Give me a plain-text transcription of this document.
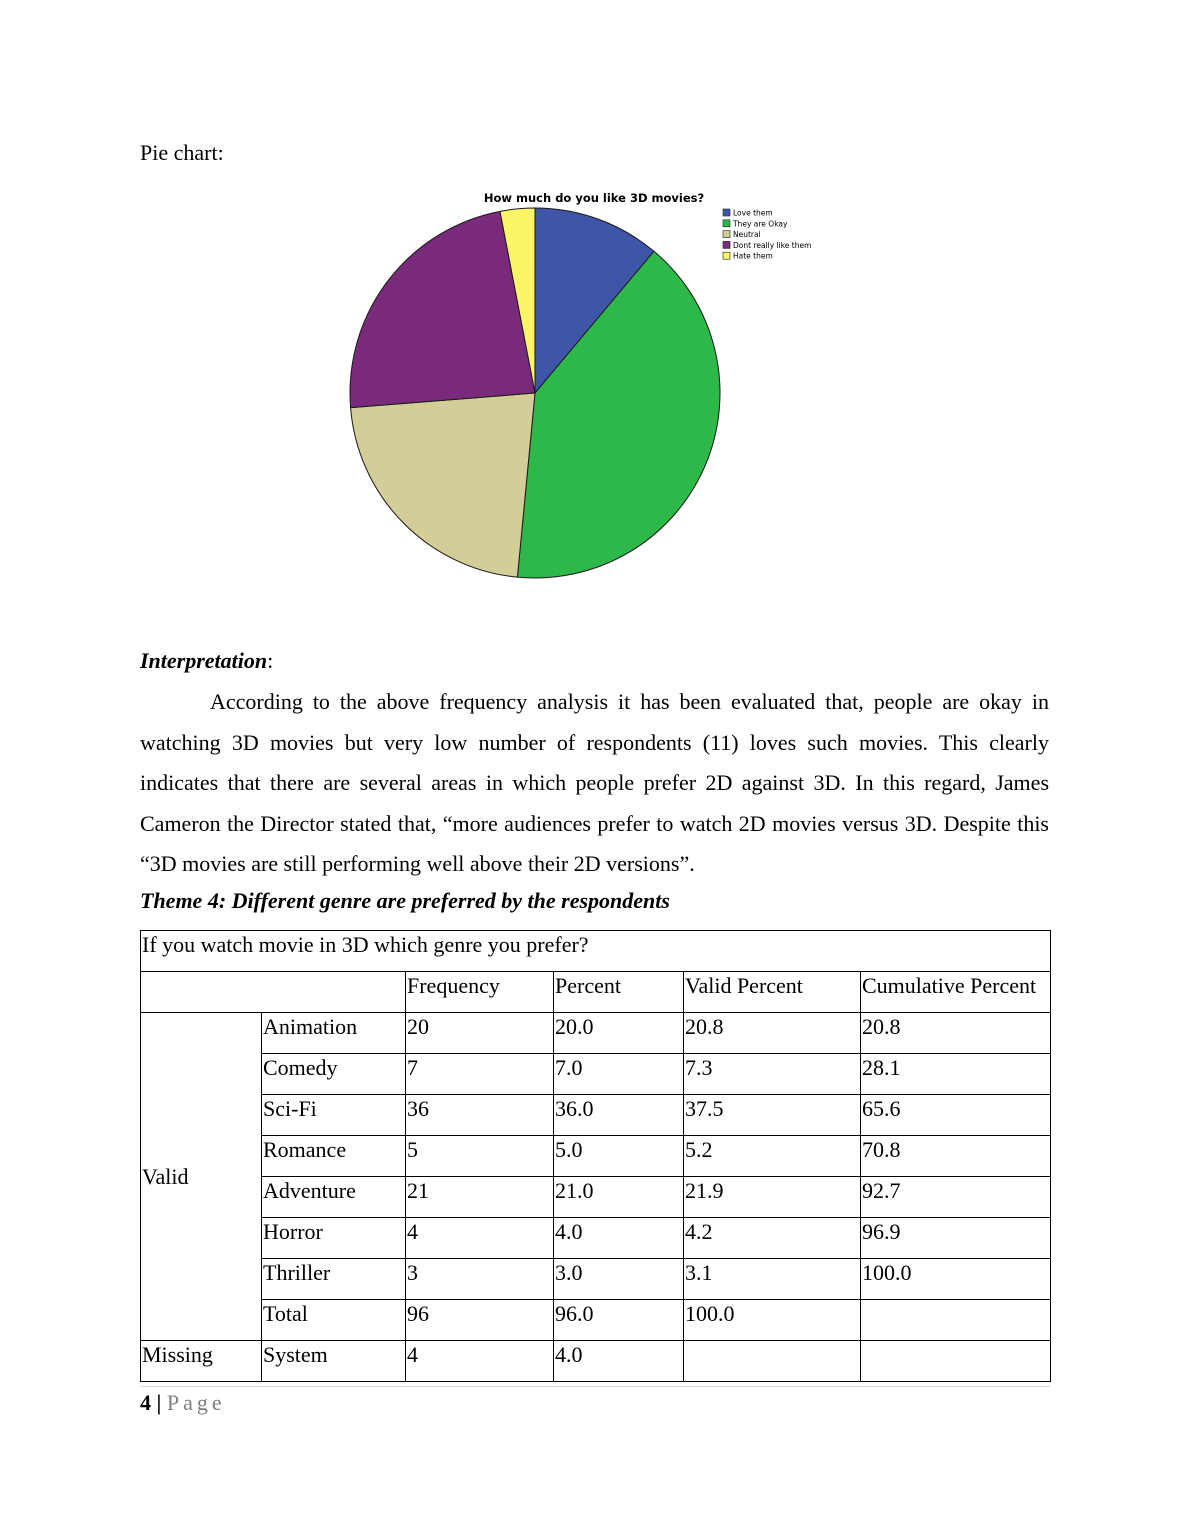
Pie chart:

How much do you like 3D movies?
Love them
They are Okay
Neutral
Dont really like them
Hate them

Interpretation:

According to the above frequency analysis it has been evaluated that, people are okay in watching 3D movies but very low number of respondents (11) loves such movies. This clearly indicates that there are several areas in which people prefer 2D against 3D. In this regard, James Cameron the Director stated that, “more audiences prefer to watch 2D movies versus 3D. Despite this “3D movies are still performing well above their 2D versions”.

Theme 4: Different genre are preferred by the respondents

If you watch movie in 3D which genre you prefer?					
		Frequency	Percent	Valid Percent	Cumulative Percent
Valid	Animation	20	20.0	20.8	20.8
	Comedy	7	7.0	7.3	28.1
	Sci-Fi	36	36.0	37.5	65.6
	Romance	5	5.0	5.2	70.8
	Adventure	21	21.0	21.9	92.7
	Horror	4	4.0	4.2	96.9
	Thriller	3	3.0	3.1	100.0
	Total	96	96.0	100.0	
Missing	System	4	4.0		

4 | Page
